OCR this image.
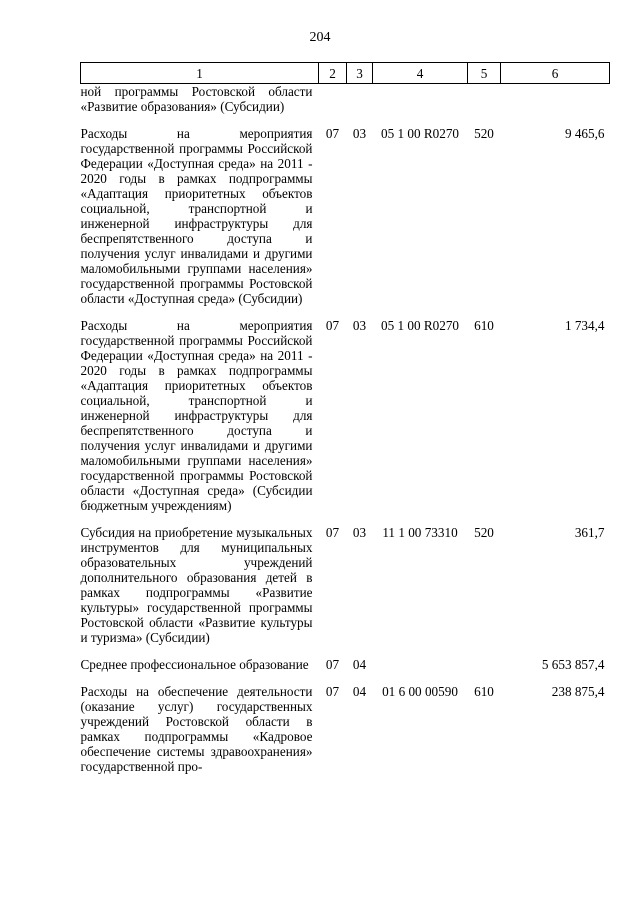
204
1	2	3	4	5	6
ной программы Ростовской области «Развитие образования» (Субсидии)					
Расходы на мероприятия государственной программы Российской Федерации «Доступная среда» на 2011 - 2020 годы в рамках подпрограммы «Адаптация приоритетных объектов социальной, транспортной и инженерной инфраструктуры для беспрепятственного доступа и получения услуг инвалидами и другими маломобильными группами населения» государственной программы Ростовской области «Доступная среда» (Субсидии)	07	03	05 1 00 R0270	520	9 465,6
Расходы на мероприятия государственной программы Российской Федерации «Доступная среда» на 2011 - 2020 годы в рамках подпрограммы «Адаптация приоритетных объектов социальной, транспортной и инженерной инфраструктуры для беспрепятственного доступа и получения услуг инвалидами и другими маломобильными группами населения» государственной программы Ростовской области «Доступная среда» (Субсидии бюджетным учреждениям)	07	03	05 1 00 R0270	610	1 734,4
Субсидия на приобретение музыкальных инструментов для муниципальных образовательных учреждений дополнительного образования детей в рамках подпрограммы «Развитие культуры» государственной программы Ростовской области «Развитие культуры и туризма» (Субсидии)	07	03	11 1 00 73310	520	361,7
Среднее профессиональное образование	07	04			5 653 857,4
Расходы на обеспечение деятельности (оказание услуг) государственных учреждений Ростовской области в рамках подпрограммы «Кадровое обеспечение системы здравоохранения» государственной про-	07	04	01 6 00 00590	610	238 875,4
